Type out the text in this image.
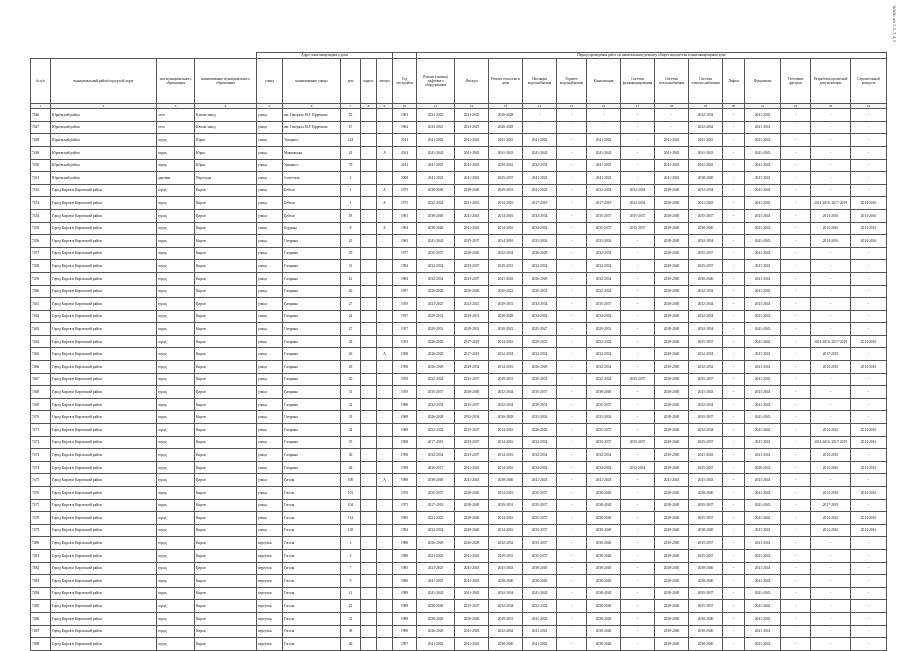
№№№ п/п 1, 2, 3, 4, 5
				Адрес многоквартирного дома						Период проведения работ по капитальному ремонту общего имущества в многоквартирном доме													
№ п/п	муниципальный район/городской округ	тип муниципального образования	наименование муниципального образования	улица	наименование улицы	дом	корпус	литера	Год постройки	Ремонт (замена) лифтового оборудования	Фасады	Ремонт отмостки и дома	Изоляция водоснабжения	Горячее водоснабжение	Канализация	Система функционирования	Система теплоснабжения	Система электроснабжения	Лифты	Фундамент	Утепление фасадов	Разработка проектной документации	Строительный контроль
1	2	3	4	5	6	7	8	9	10	11	12	13	14	15	16	17	18	19	20	21	22	23	24
7446	Юрьевский район	село	Ключи завод	улица	им. Генерала М.Г. Ефремова	53			1963	2023-2025	2023-2025	2026-2028	-	-	-	-	-	2032-2034	-	2041-2043	-	-	-
7447	Юрьевский район	село	Ключи завод	улица	им. Генерала М.Г. Ефремова	67			1964	2023-2025	2023-2025	2026-2028	-	-	-	-	-	2032-2034	-	2041-2043	-	-	-
7448	Юрьевский район	город	Юрья	улица	Урицкого	124			2014	2041-2043	2041-2043	2041-2043	2041-2043	-	2041-2043	-	2041-2043	2041-2043	-	2041-2043	-	-	-
7449	Юрьевский район	город	Юрья	улица	Маяковская	24		А	2014	2041-2043	2041-2043	2041-2043	2041-2043	-	2041-2043	-	2041-2043	2041-2043	-	2041-2043	-	-	-
7450	Юрьевский район	город	Юрья	улица	Урицкого	79			2012	2041-2043	2041-2043	2039-2041	2032-2034	-	2041-2043	-	2041-2043	2041-2043	-	2041-2043	-	-	-
7451	Юрьевский район	деревня	Пересады	улица	Советская	2			2008	2041-2043	2041-2043	2035-2037	2041-2043	-	2041-2043	-	2041-2043	2038-2040	-	2041-2043	-	-	-
7452	Город Киров и Кировский район	город	Киров	улица	Бебеля	1		А	1975	2038-2040	2038-2040	2029-2031	2041-2043	-	2032-2034	2032-2034	2038-2040	2032-2034	-	2041-2043	-	-	-
7453	Город Киров и Кировский район	город	Киров	улица	Бебеля	1		Б	1975	2032-2034	2031-2033	2014-2016	2017-2019	-	2017-2019	2032-2034	2038-2040	2041-2043	-	2041-2043	-	2014-2016, 2017-2019	2014-2016
7454	Город Киров и Кировский район	город	Киров	улица	Бебеля	18			1981	2038-2040	2041-2043	2014-2016	2032-2034	-	2035-2037	2035-2037	2038-2040	2035-2037	-	2041-2043	-	2014-2016	2014-2016
7455	Город Киров и Кировский район	город	Киров	улица	Бордина	8		Б	1994	2038-2040	2041-2043	2014-2016	2032-2034	-	2035-2037	2035-2037	2038-2040	2038-2040	-	2041-2043	-	2014-2016	2014-2016
7456	Город Киров и Кировский район	город	Киров	улица	Гагарина	23			1965	2041-2043	2035-2037	2014-2016	2032-2034	-	2032-2034	-	2038-2040	2032-2034	-	2041-2043	-	2014-2016	2014-2016
7457	Город Киров и Кировский район	город	Киров	улица	Гагарина	29			1977	2035-2037	2038-2040	2032-2034	2026-2028	-	2032-2034	-	2038-2040	2035-2037	-	2041-2043	-	-	-
7458	Город Киров и Кировский район	город	Киров	улица	Гагарина	31			1984	2032-2034	2035-2037	2029-2031	2032-2034	-	2032-2034	-	2038-2040	2035-2037	-	2041-2043	-	-	-
7459	Город Киров и Кировский район	город	Киров	улица	Гагарина	22			1984	2032-2034	2035-2037	2041-2043	2026-2028	-	2032-2034	-	2038-2040	2038-2040	-	2041-2043	-	-	-
7460	Город Киров и Кировский район	город	Киров	улица	Гагарина	26			1957	2026-2028	2026-2028	2020-2022	2029-2031	-	2032-2034	-	2038-2040	2032-2034	-	2041-2043	-	-	-
7461	Город Киров и Кировский район	город	Киров	улица	Гагарина	27			1959	2023-2025	2023-2025	2029-2031	2032-2034	-	2035-2037	-	2038-2040	2032-2034	-	2041-2043	-	-	-
7462	Город Киров и Кировский район	город	Киров	улица	Гагарина	24			1957	2029-2031	2029-2031	2026-2028	2032-2034	-	2032-2034	-	2038-2040	2032-2034	-	2041-2043	-	-	-
7463	Город Киров и Кировский район	город	Киров	улица	Гагарина	27			1957	2029-2031	2029-2031	2020-2022	2025-2027	-	2029-2031	-	2038-2040	2032-2034	-	2041-2043	-	-	-
7464	Город Киров и Кировский район	город	Киров	улица	Гагарина	28			1953	2026-2028	2017-2019	2014-2016	2029-2031	-	2032-2034	-	2038-2040	2035-2037	-	2041-2043	-	2014-2016, 2017-2019	2014-2016
7465	Город Киров и Кировский район	город	Киров	улица	Гагарина	26		А	1958	2026-2028	2017-2019	2032-2034	2032-2034	-	2032-2034	-	2038-2040	2032-2034	-	2041-2043	-	2017-2019	-
7466	Город Киров и Кировский район	город	Киров	улица	Гагарина	29			1958	2026-2028	2029-2032	2014-2016	2026-2028	-	2032-2034	-	2038-2040	2032-2034	-	2041-2043	-	2014-2016	2014-2016
7467	Город Киров и Кировский район	город	Киров	улица	Гагарина	30			1959	2032-2034	2035-2037	2029-2031	2029-2031	-	2032-2034	2035-2037	2038-2040	2035-2037	-	2041-2043	-	-	-
7468	Город Киров и Кировский район	город	Киров	улица	Гагарина	31			1959	2035-2037	2038-2040	2032-2034	2035-2037	-	2038-2040	-	2038-2040	2041-2043	-	2041-2043	-	-	-
7469	Город Киров и Кировский район	город	Киров	улица	Гагарина	32			1968	2032-2034	2035-2037	2032-2034	2029-2031	-	2035-2037	-	2038-2040	2032-2034	-	2041-2043	-	-	-
7470	Город Киров и Кировский район	город	Киров	улица	Гагарина	33			1968	2026-2028	2032-2034	2026-2028	2032-2034	-	2032-2034	-	2038-2040	2035-2037	-	2041-2043	-	-	-
7471	Город Киров и Кировский район	город	Киров	улица	Гагарина	34			1968	2032-2034	2035-2037	2014-2016	2026-2028	-	2035-2037	-	2038-2040	2032-2034	-	2041-2043	-	2014-2016	2014-2016
7472	Город Киров и Кировский район	город	Киров	улица	Гагарина	35			1968	2017-2019	2035-2037	2014-2016	2032-2034	-	2035-2037	2035-2037	2038-2040	2035-2037	-	2041-2043	-	2014-2016, 2017-2019	2014-2016
7473	Город Киров и Кировский район	город	Киров	улица	Гагарина	36			1958	2032-2034	2035-2037	2014-2016	2032-2034	-	2032-2034	-	2038-2040	2041-2043	-	2041-2043	-	2014-2016	-
7474	Город Киров и Кировский район	город	Киров	улица	Гагарина	48			1958	2016-2017	2041-2043	2014-2016	2032-2034	-	2032-2034	2032-2034	2038-2040	2035-2037	-	2040-2043	-	2014-2016	2014-2016
7475	Город Киров и Кировский район	город	Киров	улица	Гоголя	100		А	1998	2038-2040	2041-2043	2038-2040	2041-2043	-	2041-2043	-	2041-2043	2041-2043	-	2041-2043	-	-	-
7476	Город Киров и Кировский район	город	Киров	улица	Гоголя	101			1976	2035-2037	2038-2040	2014-2016	2035-2037	-	2038-2040	-	2038-2040	2038-2040	-	2041-2043	-	2014-2016	2014-2016
7477	Город Киров и Кировский район	город	Киров	улица	Гоголя	104			1975	2017-2019	2038-2040	2029-2031	2035-2037	-	2038-2040	-	2038-2040	2035-2037	-	2041-2043	-	2017-2019	-
7478	Город Киров и Кировский район	город	Киров	улица	Гоголя	134			1985	2023-2025	2038-2040	2014-2016	2035-2037	-	2038-2040	-	2038-2040	2035-2037	-	2041-2043	-	2014-2016	2014-2016
7479	Город Киров и Кировский район	город	Киров	улица	Гоголя	138			1984	2032-2034	2038-2040	2014-2016	2035-2037	-	2038-2040	-	2038-2040	2038-2040	-	2041-2043	-	2014-2016	2014-2016
7480	Город Киров и Кировский район	город	Киров	переулок	Гоголя	3			1988	2026-2028	2026-2028	2032-2034	2035-2037	-	2038-2040	-	2038-2040	2035-2037	-	2041-2043	-	-	-
7481	Город Киров и Кировский район	город	Киров	переулок	Гоголя	5			1986	2023-2025	2041-2043	2029-2031	2035-2037	-	2038-2040	-	2038-2040	2035-2037	-	2041-2043	-	-	-
7482	Город Киров и Кировский район	город	Киров	переулок	Гоголя	7			1985	2023-2025	2041-2043	2041-2043	2038-2040	-	2038-2040	-	2038-2040	2038-2040	-	2041-2043	-	-	-
7483	Город Киров и Кировский район	город	Киров	переулок	Гоголя	9			1986	2041-2043	2041-2043	2038-2040	2038-2040	-	2038-2040	-	2038-2040	2038-2040	-	2041-2043	-	-	-
7484	Город Киров и Кировский район	город	Киров	переулок	Гоголя	11			1988	2041-2043	2041-2043	2032-2034	2041-2043	-	2038-2040	-	2038-2040	2035-2037	-	2041-2043	-	-	-
7485	Город Киров и Кировский район	город	Киров	переулок	Гоголя	22			1988	2038-2040	2035-2037	2032-2034	2032-2034	-	2038-2040	-	2038-2040	2035-2037	-	2041-2043	-	-	-
7486	Город Киров и Кировский район	город	Киров	переулок	Гоголя	32			1988	2038-2040	2026-2028	2029-2031	2041-2043	-	2038-2040	-	2038-2040	2038-2040	-	2041-2043	-	-	-
7487	Город Киров и Кировский район	город	Киров	переулок	Гоголя	38			1990	2026-2028	2041-2043	2032-2034	2041-2043	-	2038-2040	-	2038-2040	2038-2040	-	2041-2043	-	-	-
7488	Город Киров и Кировский район	город	Киров	переулок	Гоголя	40			1997	2041-2043	2041-2043	2038-2040	2041-2043	-	2038-2040	-	2038-2040	2038-2040	-	2041-2043	-	-	-
